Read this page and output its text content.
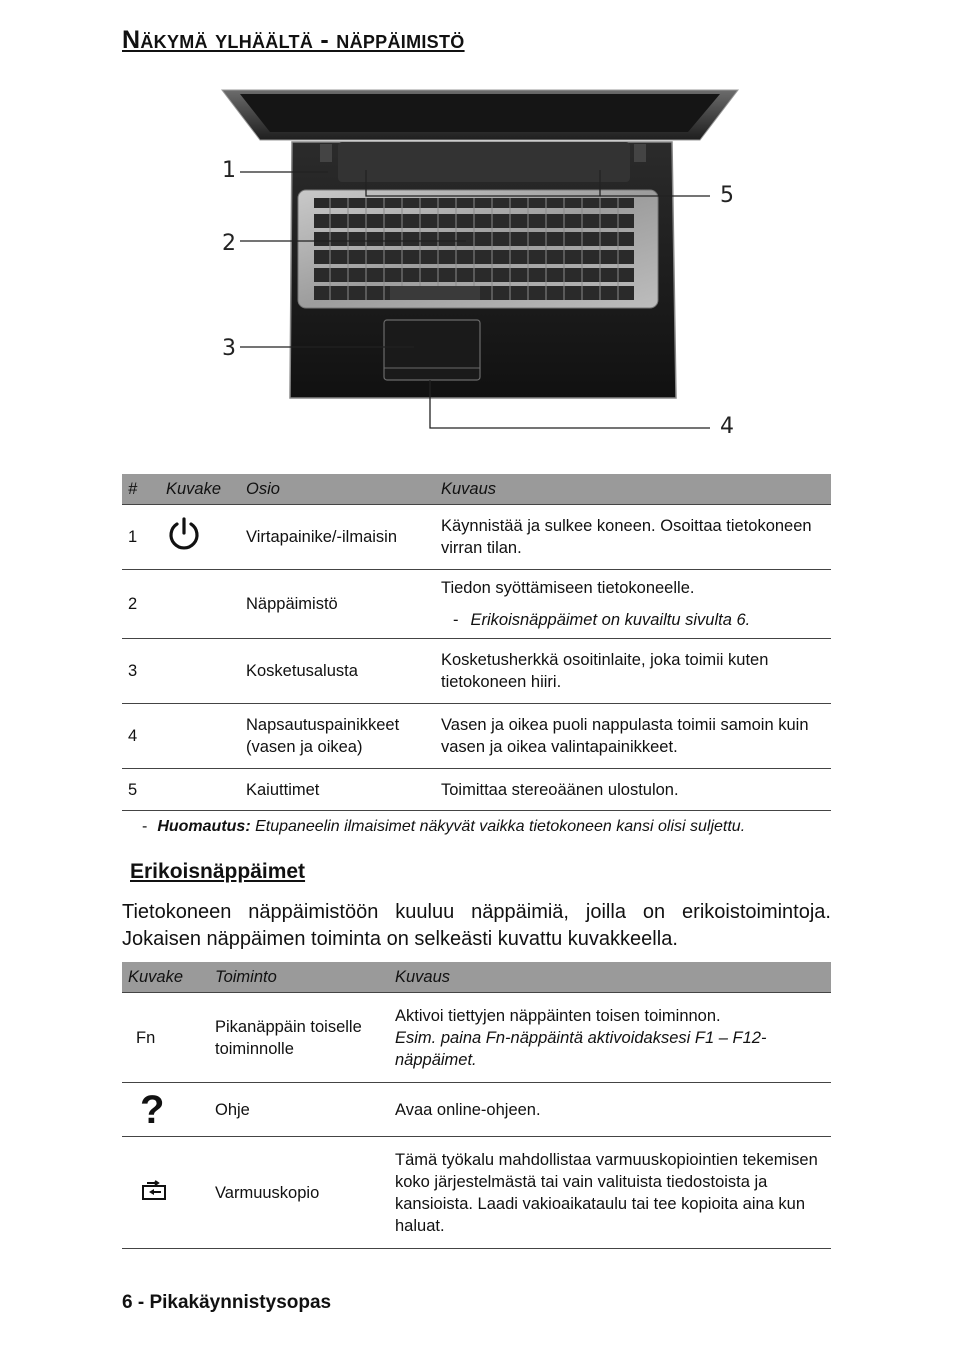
Näkymä ylhäältä - näppäimistö
1
2
3
4
5
#	Kuvake	Osio	Kuvaus
1		Virtapainike/-ilmaisin	Käynnistää ja sulkee koneen. Osoittaa tietokoneen virran tilan.
2		Näppäimistö	Tiedon syöttämiseen tietokoneelle.
- Erikoisnäppäimet on kuvailtu sivulta 6.

3		Kosketusalusta	Kosketusherkkä osoitinlaite, joka toimii kuten tietokoneen hiiri.
4		Napsautuspainikkeet (vasen ja oikea)	Vasen ja oikea puoli nappulasta toimii samoin kuin vasen ja oikea valintapainikkeet.
5		Kaiuttimet	Toimittaa stereoäänen ulostulon.
- Huomautus: Etupaneelin ilmaisimet näkyvät vaikka tietokoneen kansi olisi suljettu.
Erikoisnäppäimet

Tietokoneen näppäimistöön kuuluu näppäimiä, joilla on erikoistoimintoja. Jokaisen näppäimen toiminta on selkeästi kuvattu kuvakkeella.

Kuvake	Toiminto	Kuvaus
Fn	Pikanäppäin toiselle toiminnolle	Aktivoi tiettyjen näppäinten toisen toiminnon.
Esim. paina Fn-näppäintä aktivoidaksesi F1 – F12-näppäimet.
?	Ohje	Avaa online-ohjeen.
	Varmuuskopio	Tämä työkalu mahdollistaa varmuuskopiointien tekemisen koko järjestelmästä tai vain valituista tiedostoista ja kansioista. Laadi vakioaikataulu tai tee kopioita aina kun haluat.
6 - Pikakäynnistysopas
